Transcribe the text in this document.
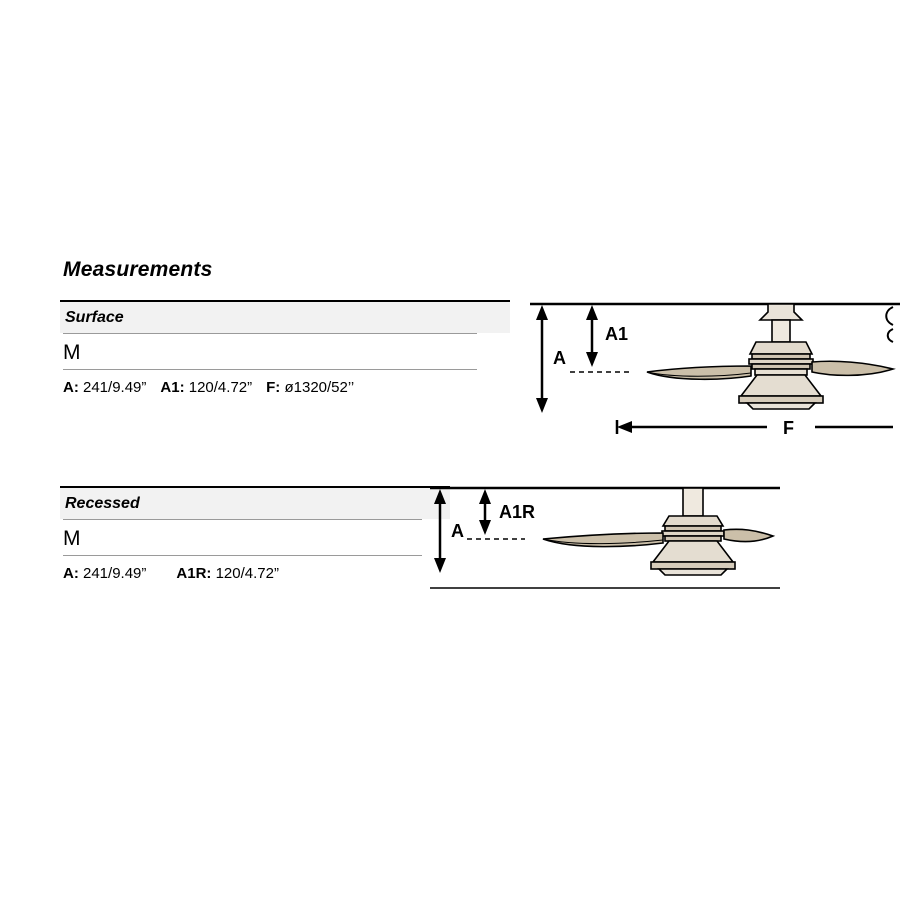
Measurements
Surface
M
A: 241/9.49” A1: 120/4.72” F: ø1320/52’’
A
A1
F
Recessed
M
A: 241/9.49” A1R: 120/4.72”
A
A1R
